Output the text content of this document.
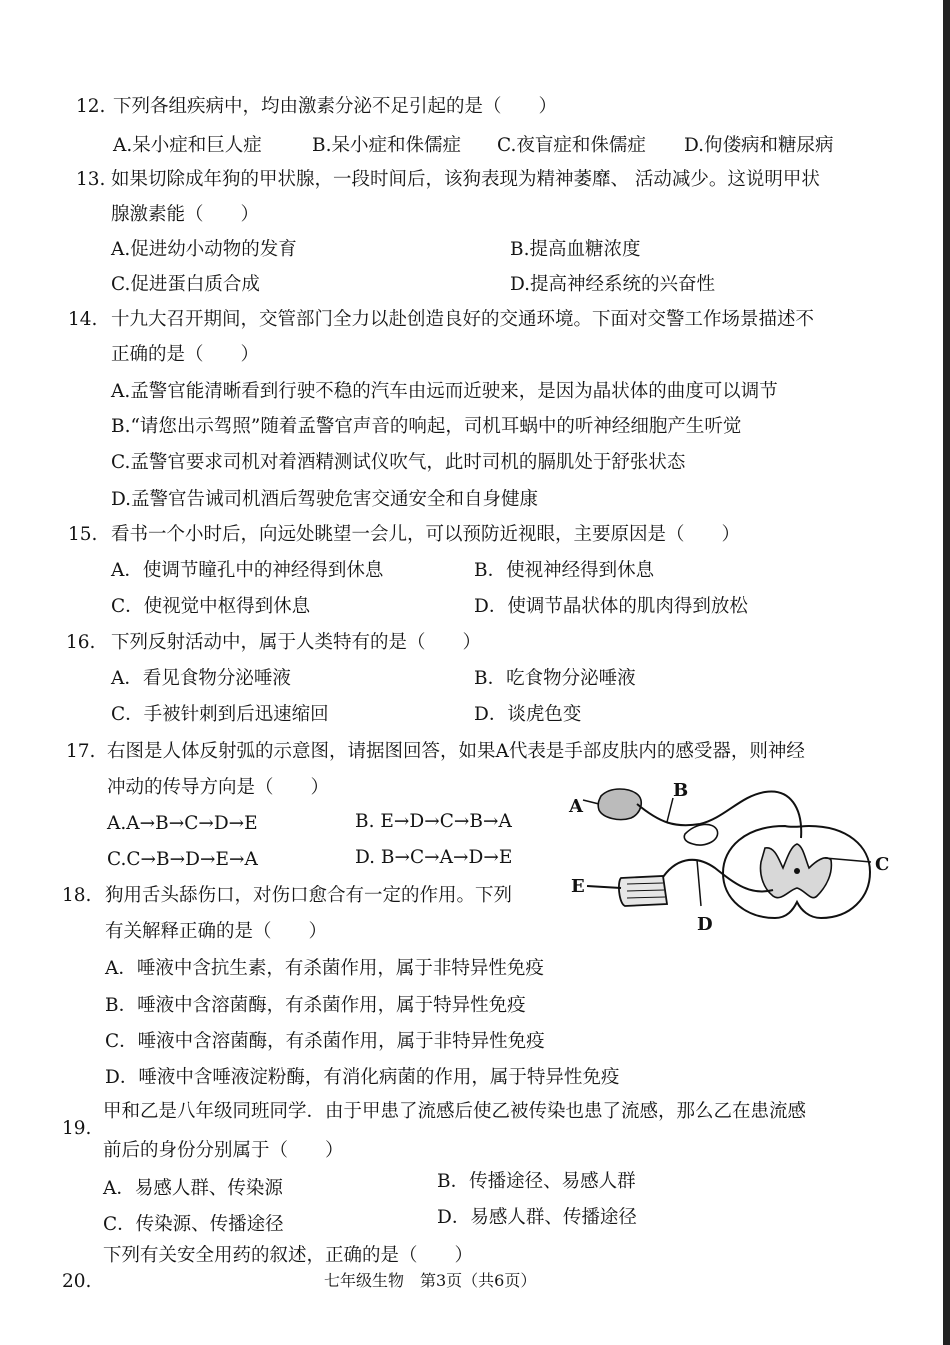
12. 下列各组疾病中，均由激素分泌不足引起的是（　　）
A.呆小症和巨人症	B.呆小症和侏儒症 C.夜盲症和侏儒症 D.佝偻病和糖尿病
13. 如果切除成年狗的甲状腺，一段时间后，该狗表现为精神萎靡、 活动减少。这说明甲状
腺激素能（　　）
A.促进幼小动物的发育	B.提高血糖浓度
C.促进蛋白质合成	D.提高神经系统的兴奋性
14. 十九大召开期间，交管部门全力以赴创造良好的交通环境。下面对交警工作场景描述不
正确的是（　　）
A.孟警官能清晰看到行驶不稳的汽车由远而近驶来，是因为晶状体的曲度可以调节
B.“请您出示驾照”随着孟警官声音的响起，司机耳蜗中的听神经细胞产生听觉
C.孟警官要求司机对着酒精测试仪吹气，此时司机的膈肌处于舒张状态
D.孟警官告诫司机酒后驾驶危害交通安全和自身健康
15. 看书一个小时后，向远处眺望一会儿，可以预防近视眼，主要原因是（　　）
A．使调节瞳孔中的神经得到休息	B．使视神经得到休息
C．使视觉中枢得到休息	D．使调节晶状体的肌肉得到放松
16. 下列反射活动中，属于人类特有的是（　　）
A．看见食物分泌唾液	B．吃食物分泌唾液
C．手被针刺到后迅速缩回	D．谈虎色变
17. 右图是人体反射弧的示意图，请据图回答，如果A代表是手部皮肤内的感受器，则神经
冲动的传导方向是（　　）
A.A→B→C→D→E	B. E→D→C→B→A
C.C→B→D→E→A	D. B→C→A→D→E
A
B
C
D
E
18. 狗用舌头舔伤口，对伤口愈合有一定的作用。下列
有关解释正确的是（　　）
A．唾液中含抗生素，有杀菌作用，属于非特异性免疫
B．唾液中含溶菌酶，有杀菌作用，属于特异性免疫
C．唾液中含溶菌酶，有杀菌作用，属于非特异性免疫
D．唾液中含唾液淀粉酶，有消化病菌的作用，属于特异性免疫
19.
甲和乙是八年级同班同学．由于甲患了流感后使乙被传染也患了流感，那么乙在患流感
前后的身份分别属于（　　）
A．易感人群、传染源	B．传播途径、易感人群
C．传染源、传播途径	D．易感人群、传播途径
20.
下列有关安全用药的叙述，正确的是（　　）
七年级生物　第3页（共6页）
